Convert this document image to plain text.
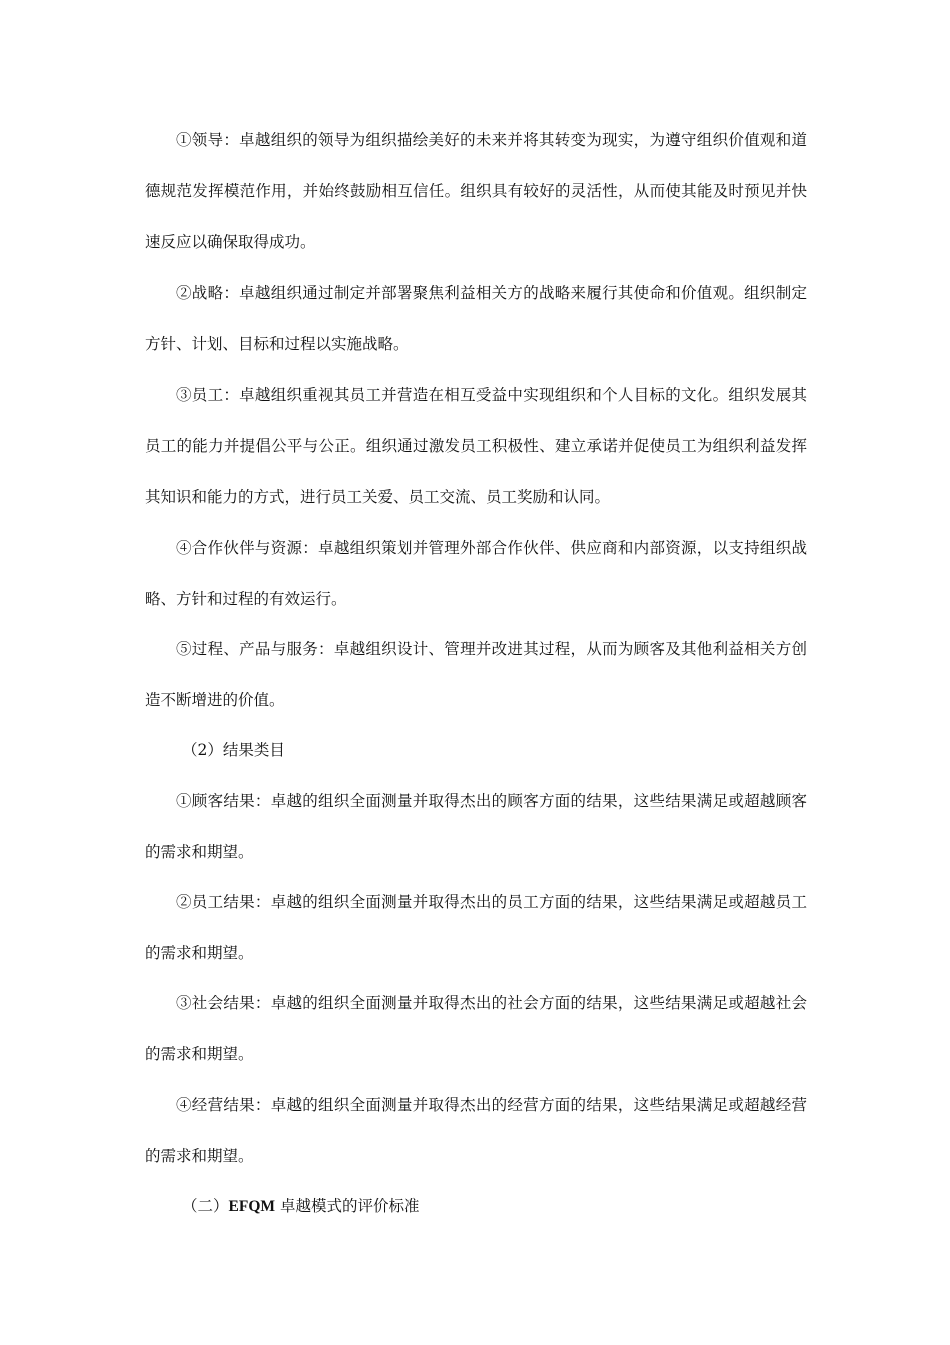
①领导：卓越组织的领导为组织描绘美好的未来并将其转变为现实，为遵守组织价值观和道德规范发挥模范作用，并始终鼓励相互信任。组织具有较好的灵活性，从而使其能及时预见并快速反应以确保取得成功。

②战略：卓越组织通过制定并部署聚焦利益相关方的战略来履行其使命和价值观。组织制定方针、计划、目标和过程以实施战略。

③员工：卓越组织重视其员工并营造在相互受益中实现组织和个人目标的文化。组织发展其员工的能力并提倡公平与公正。组织通过激发员工积极性、建立承诺并促使员工为组织利益发挥其知识和能力的方式，进行员工关爱、员工交流、员工奖励和认同。

④合作伙伴与资源：卓越组织策划并管理外部合作伙伴、供应商和内部资源，以支持组织战略、方针和过程的有效运行。

⑤过程、产品与服务：卓越组织设计、管理并改进其过程，从而为顾客及其他利益相关方创造不断增进的价值。

（2）结果类目

①顾客结果：卓越的组织全面测量并取得杰出的顾客方面的结果，这些结果满足或超越顾客的需求和期望。

②员工结果：卓越的组织全面测量并取得杰出的员工方面的结果，这些结果满足或超越员工的需求和期望。

③社会结果：卓越的组织全面测量并取得杰出的社会方面的结果，这些结果满足或超越社会的需求和期望。

④经营结果：卓越的组织全面测量并取得杰出的经营方面的结果，这些结果满足或超越经营的需求和期望。

（二）EFQM 卓越模式的评价标准
